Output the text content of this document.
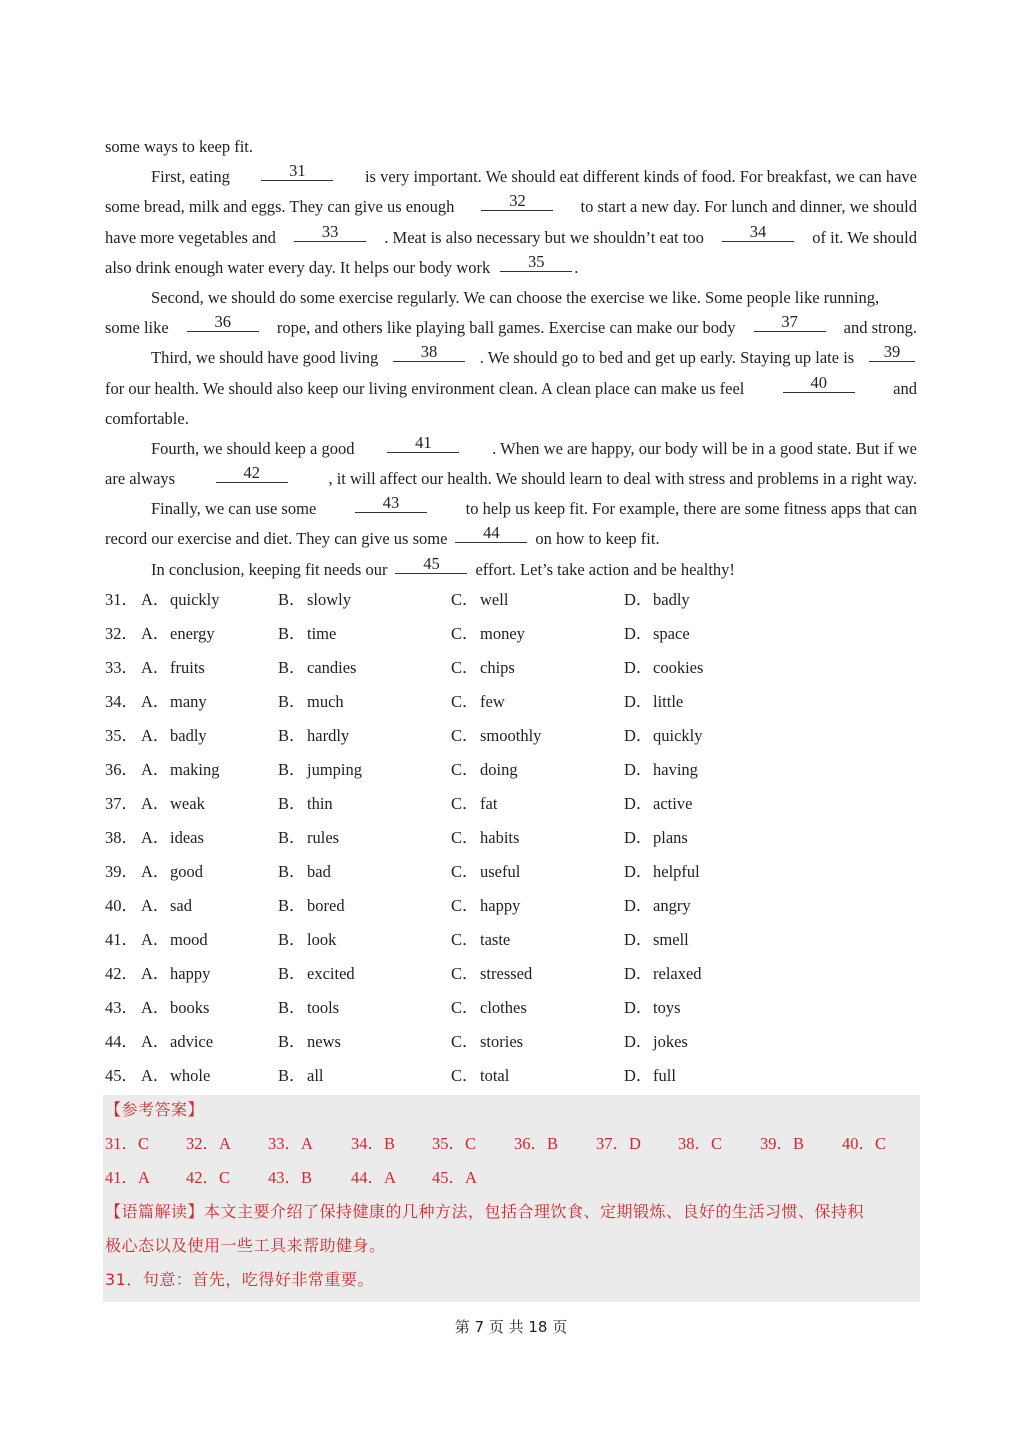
some ways to keep fit.
First, eating	31	is very important. We should eat different kinds of food. For breakfast, we can have
some bread, milk and eggs. They can give us enough	32	to start a new day. For lunch and dinner, we should
have more vegetables and	33	. Meat is also necessary but we shouldn’t eat too	34	of it. We should
also drink enough water every day. It helps our body work	35	.
Second, we should do some exercise regularly. We can choose the exercise we like. Some people like running,
some like	36	rope, and others like playing ball games. Exercise can make our body	37	and strong.
Third, we should have good living	38	. We should go to bed and get up early. Staying up late is	39
for our health. We should also keep our living environment clean. A clean place can make us feel	40	and
comfortable.
Fourth, we should keep a good	41	. When we are happy, our body will be in a good state. But if we
are always	42	, it will affect our health. We should learn to deal with stress and problems in a right way.
Finally, we can use some	43	to help us keep fit. For example, there are some fitness apps that can
record our exercise and diet. They can give us some	44	on how to keep fit.
In conclusion, keeping fit needs our	45	effort. Let’s take action and be healthy!
31． A．quickly	B．slowly	C．well	D．badly
32． A．energy	B．time	C．money	D．space
33． A．fruits	B．candies	C．chips	D．cookies
34． A．many	B．much	C．few	D．little
35． A．badly	B．hardly	C．smoothly	D．quickly
36． A．making	B．jumping	C．doing	D．having
37． A．weak	B．thin	C．fat	D．active
38． A．ideas	B．rules	C．habits	D．plans
39． A．good	B．bad	C．useful	D．helpful
40． A．sad	B．bored	C．happy	D．angry
41． A．mood	B．look	C．taste	D．smell
42． A．happy	B．excited	C．stressed	D．relaxed
43． A．books	B．tools	C．clothes	D．toys
44． A．advice	B．news	C．stories	D．jokes
45． A．whole	B．all	C．total	D．full
【参考答案】
31．C 32．A 33．A 34．B 35．C 36．B 37．D 38．C 39．B 40．C
41．A 42．C 43．B 44．A 45．A
【语篇解读】本文主要介绍了保持健康的几种方法，包括合理饮食、定期锻炼、良好的生活习惯、保持积
极心态以及使用一些工具来帮助健身。
31．句意：首先，吃得好非常重要。
第 7 页 共 18 页
